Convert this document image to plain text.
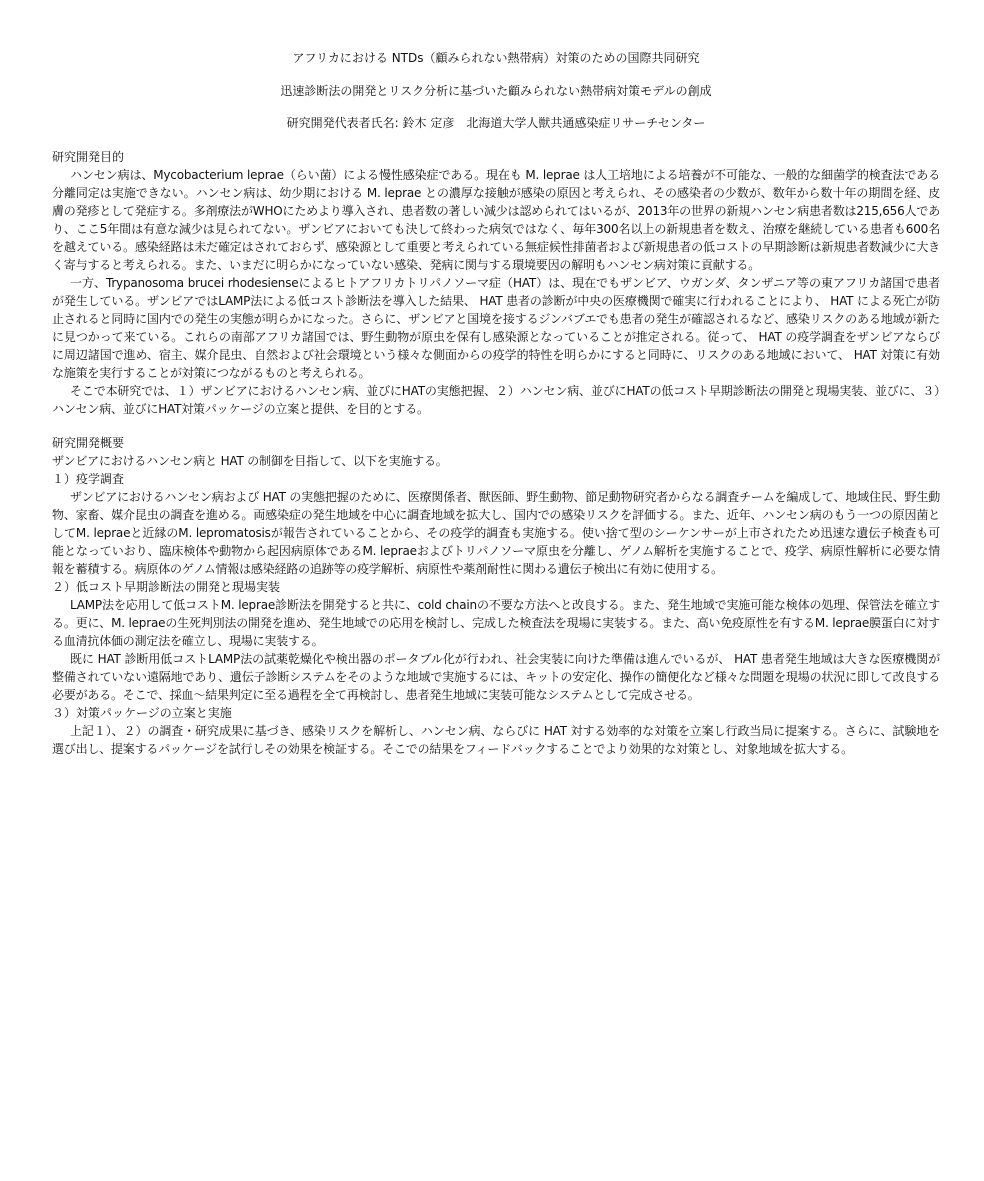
アフリカにおける NTDs（顧みられない熱帯病）対策のための国際共同研究
迅速診断法の開発とリスク分析に基づいた顧みられない熱帯病対策モデルの創成
研究開発代表者氏名: 鈴木 定彦　北海道大学人獣共通感染症リサーチセンター
研究開発目的

ハンセン病は、Mycobacterium leprae（らい菌）による慢性感染症である。現在も M. leprae は人工培地による培養が不可能な、一般的な細菌学的検査法である分離同定は実施できない。ハンセン病は、幼少期における M. leprae との濃厚な接触が感染の原因と考えられ、その感染者の少数が、数年から数十年の期間を経、皮膚の発疹として発症する。多剤療法がWHOにためより導入され、患者数の著しい減少は認められてはいるが、2013年の世界の新規ハンセン病患者数は215,656人であり、ここ5年間は有意な減少は見られてない。ザンビアにおいても決して終わった病気ではなく、毎年300名以上の新規患者を数え、治療を継続している患者も600名を越えている。感染経路は未だ確定はされておらず、感染源として重要と考えられている無症候性排菌者および新規患者の低コストの早期診断は新規患者数減少に大きく寄与すると考えられる。また、いまだに明らかになっていない感染、発病に関与する環境要因の解明もハンセン病対策に貢献する。

一方、Trypanosoma brucei rhodesienseによるヒトアフリカトリパノソーマ症（HAT）は、現在でもザンビア、ウガンダ、タンザニア等の東アフリカ諸国で患者が発生している。ザンビアではLAMP法による低コスト診断法を導入した結果、 HAT 患者の診断が中央の医療機関で確実に行われることにより、 HAT による死亡が防止されると同時に国内での発生の実態が明らかになった。さらに、ザンビアと国境を接するジンバブエでも患者の発生が確認されるなど、感染リスクのある地域が新たに見つかって来ている。これらの南部アフリカ諸国では、野生動物が原虫を保有し感染源となっていることが推定される。従って、 HAT の疫学調査をザンビアならびに周辺諸国で進め、宿主、媒介昆虫、自然および社会環境という様々な側面からの疫学的特性を明らかにすると同時に、リスクのある地域において、 HAT 対策に有効な施策を実行することが対策につながるものと考えられる。

そこで本研究では、１）ザンビアにおけるハンセン病、並びにHATの実態把握、２）ハンセン病、並びにHATの低コスト早期診断法の開発と現場実装、並びに、３）ハンセン病、並びにHAT対策パッケージの立案と提供、を目的とする。

研究開発概要

ザンビアにおけるハンセン病と HAT の制御を目指して、以下を実施する。

１）疫学調査

ザンビアにおけるハンセン病および HAT の実態把握のために、医療関係者、獣医師、野生動物、節足動物研究者からなる調査チームを編成して、地域住民、野生動物、家畜、媒介昆虫の調査を進める。両感染症の発生地域を中心に調査地域を拡大し、国内での感染リスクを評価する。また、近年、ハンセン病のもう一つの原因菌としてM. lepraeと近縁のM. lepromatosisが報告されていることから、その疫学的調査も実施する。使い捨て型のシーケンサーが上市されたため迅速な遺伝子検査も可能となっていおり、臨床検体や動物から起因病原体であるM. lepraeおよびトリパノソーマ原虫を分離し、ゲノム解析を実施することで、疫学、病原性解析に必要な情報を蓄積する。病原体のゲノム情報は感染経路の追跡等の疫学解析、病原性や薬剤耐性に関わる遺伝子検出に有効に使用する。

２）低コスト早期診断法の開発と現場実装

LAMP法を応用して低コストM. leprae診断法を開発すると共に、cold chainの不要な方法へと改良する。また、発生地域で実施可能な検体の処理、保管法を確立する。更に、M. lepraeの生死判別法の開発を進め、発生地域での応用を検討し、完成した検査法を現場に実装する。また、高い免疫原性を有するM. leprae膜蛋白に対する血清抗体価の測定法を確立し、現場に実装する。

既に HAT 診断用低コストLAMP法の試薬乾燥化や検出器のポータブル化が行われ、社会実装に向けた準備は進んでいるが、 HAT 患者発生地域は大きな医療機関が整備されていない遠隔地であり、遺伝子診断システムをそのような地域で実施するには、キットの安定化、操作の簡便化など様々な問題を現場の状況に即して改良する必要がある。そこで、採血～結果判定に至る過程を全て再検討し、患者発生地域に実装可能なシステムとして完成させる。

３）対策パッケージの立案と実施

上記１）、２）の調査・研究成果に基づき、感染リスクを解析し、ハンセン病、ならびに HAT 対する効率的な対策を立案し行政当局に提案する。さらに、試験地を選び出し、提案するパッケージを試行しその効果を検証する。そこでの結果をフィードバックすることでより効果的な対策とし、対象地域を拡大する。
